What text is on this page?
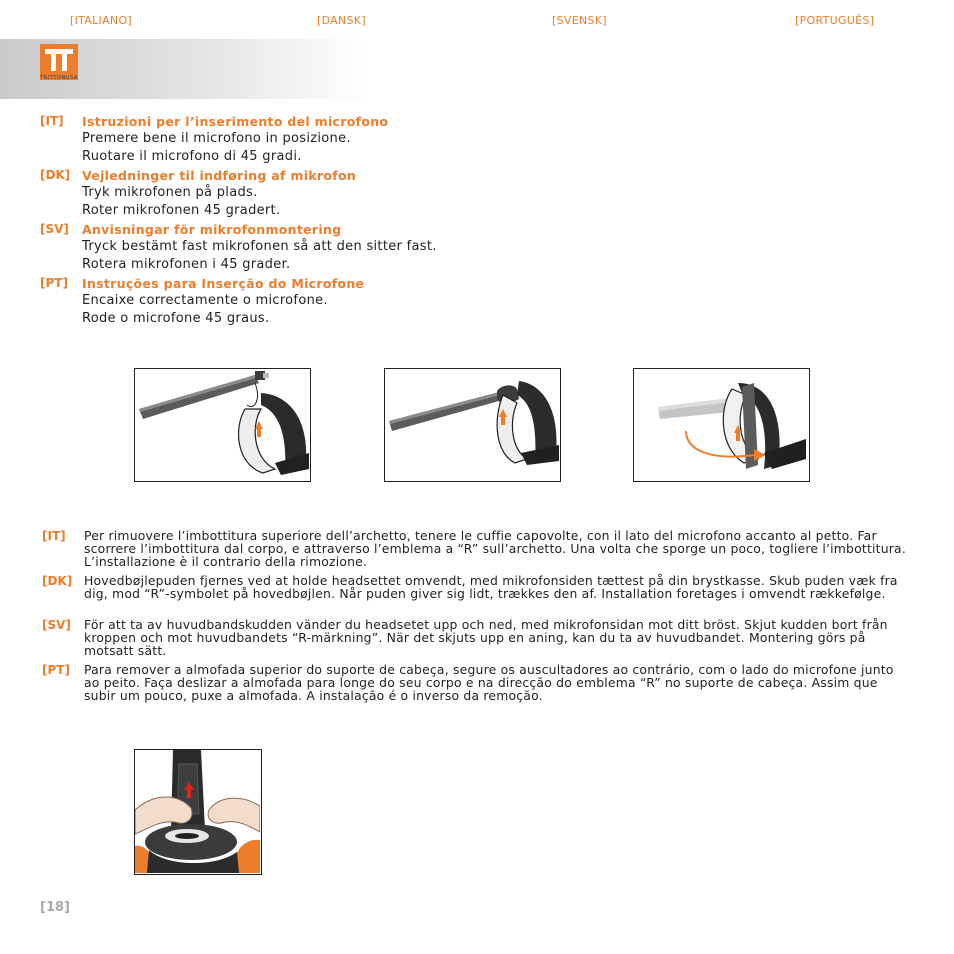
[ITALIANO]	[DANSK]	[SVENSK]	[PORTUGUÊS]
TRITTONUSA
[IT] Istruzioni per l’inserimento del microfono
Premere bene il microfono in posizione.
Ruotare il microfono di 45 gradi.
[DK] Vejledninger til indføring af mikrofon
Tryk mikrofonen på plads.
Roter mikrofonen 45 gradert.
[SV] Anvisningar för mikrofonmontering
Tryck bestämt fast mikrofonen så att den sitter fast.
Rotera mikrofonen i 45 grader.
[PT] Instruções para Inserção do Microfone
Encaixe correctamente o microfone.
Rode o microfone 45 graus.
[IT] Per rimuovere l’imbottitura superiore dell’archetto, tenere le cuffie capovolte, con il lato del microfono accanto al petto. Far scorrere l’imbottitura dal corpo, e attraverso l’emblema a “R” sull’archetto. Una volta che sporge un poco, togliere l’imbottitura. L’installazione è il contrario della rimozione.
[DK] Hovedbøjlepuden fjernes ved at holde headsettet omvendt, med mikrofonsiden tættest på din brystkasse. Skub puden væk fra dig, mod “R”-symbolet på hovedbøjlen. Når puden giver sig lidt, trækkes den af. Installation foretages i omvendt rækkefølge.
[SV] För att ta av huvudbandskudden vänder du headsetet upp och ned, med mikrofonsidan mot ditt bröst. Skjut kudden bort från kroppen och mot huvudbandets “R-märkning”. När det skjuts upp en aning, kan du ta av huvudbandet. Montering görs på motsatt sätt.
[PT] Para remover a almofada superior do suporte de cabeça, segure os auscultadores ao contrário, com o lado do microfone junto ao peito. Faça deslizar a almofada para longe do seu corpo e na direcção do emblema “R” no suporte de cabeça. Assim que subir um pouco, puxe a almofada. A instalação é o inverso da remoção.
[18]
